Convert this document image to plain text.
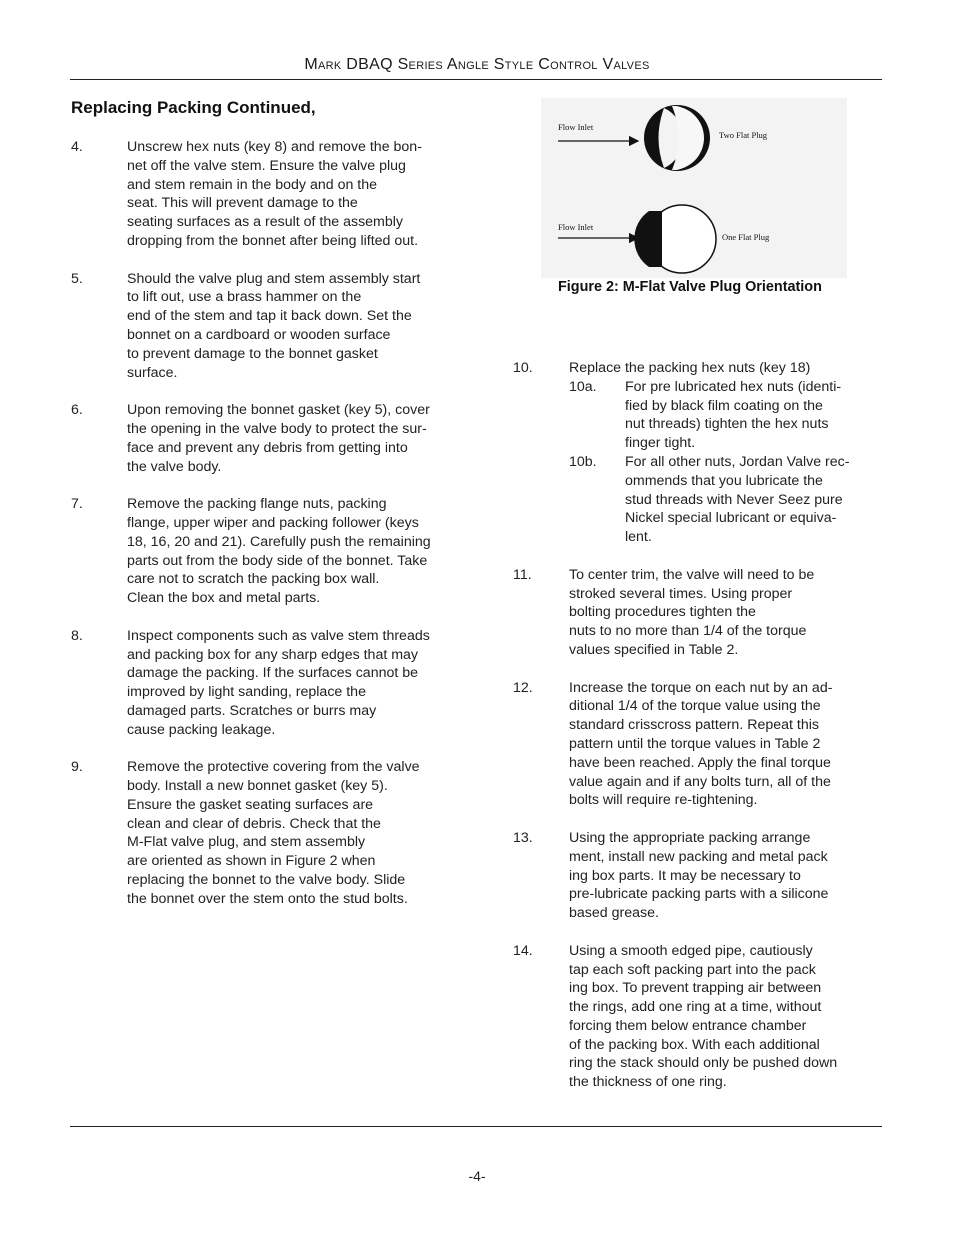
Mark DBAQ Series Angle Style Control Valves
Replacing Packing Continued,
4.	Unscrew hex nuts (key 8) and remove the bon-
net off the valve stem. Ensure the valve plug
and stem remain in the body and on the
seat. This will prevent damage to the
seating surfaces as a result of the assembly
dropping from the bonnet after being lifted out.
5.	Should the valve plug and stem assembly start
to lift out, use a brass hammer on the
end of the stem and tap it back down. Set the
bonnet on a cardboard or wooden surface
to prevent damage to the bonnet gasket
surface.
6.	Upon removing the bonnet gasket (key 5), cover
the opening in the valve body to protect the sur-
face and prevent any debris from getting into
the valve body.
7.	Remove the packing flange nuts, packing
flange, upper wiper and packing follower (keys
18, 16, 20 and 21). Carefully push the remaining
parts out from the body side of the bonnet. Take
care not to scratch the packing box wall.
Clean the box and metal parts.
8.	Inspect components such as valve stem threads
and packing box for any sharp edges that may
damage the packing. If the surfaces cannot be
improved by light sanding, replace the
damaged parts. Scratches or burrs may
cause packing leakage.
9.	Remove the protective covering from the valve
body. Install a new bonnet gasket (key 5).
Ensure the gasket seating surfaces are
clean and clear of debris. Check that the
M-Flat valve plug, and stem assembly
are oriented as shown in Figure 2 when
replacing the bonnet to the valve body. Slide
the bonnet over the stem onto the stud bolts.
Flow Inlet
Two Flat Plug
Flow Inlet
One Flat Plug
Figure 2: M-Flat Valve Plug Orientation
10.	Replace the packing hex nuts (key 18)
10a. For pre lubricated hex nuts (identi-
fied by black film coating on the
nut threads) tighten the hex nuts
finger tight.
10b. For all other nuts, Jordan Valve rec-
ommends that you lubricate the
stud threads with Never Seez pure
Nickel special lubricant or equiva-
lent.
11.	To center trim, the valve will need to be
stroked several times. Using proper
bolting procedures tighten the
nuts to no more than 1/4 of the torque
values specified in Table 2.
12.	Increase the torque on each nut by an ad-
ditional 1/4 of the torque value using the
standard crisscross pattern. Repeat this
pattern until the torque values in Table 2
have been reached. Apply the final torque
value again and if any bolts turn, all of the
bolts will require re-tightening.
13.	Using the appropriate packing arrange
ment, install new packing and metal pack
ing box parts. It may be necessary to
pre-lubricate packing parts with a silicone
based grease.
14.	Using a smooth edged pipe, cautiously
tap each soft packing part into the pack
ing box. To prevent trapping air between
the rings, add one ring at a time, without
forcing them below entrance chamber
of the packing box. With each additional
ring the stack should only be pushed down
the thickness of one ring.
-4-
